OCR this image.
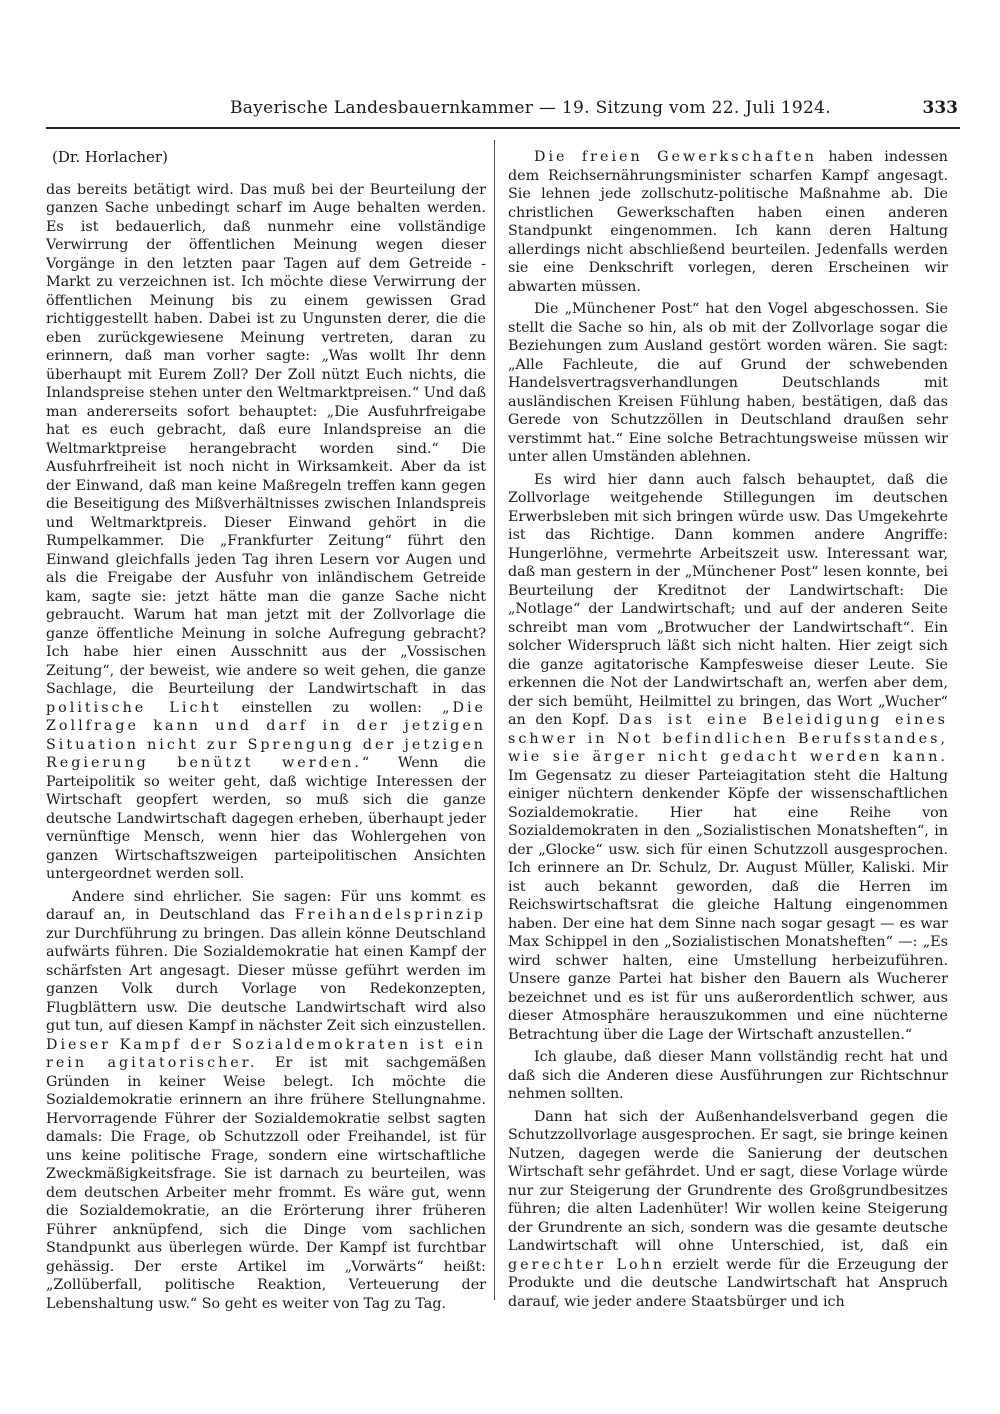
Bayerische Landesbauernkammer — 19. Sitzung vom 22. Juli 1924.	333
(Dr. Horlacher)

das bereits betätigt wird. Das muß bei der Beurteilung der ganzen Sache unbedingt scharf im Auge behalten werden. Es ist bedauerlich, daß nunmehr eine vollständige Verwirrung der öffentlichen Meinung wegen dieser Vorgänge in den letzten paar Tagen auf dem Getreide - Markt zu verzeichnen ist. Ich möchte diese Verwirrung der öffentlichen Meinung bis zu einem gewissen Grad richtiggestellt haben. Dabei ist zu Ungunsten derer, die die eben zurückgewiesene Meinung vertreten, daran zu erinnern, daß man vorher sagte: „Was wollt Ihr denn überhaupt mit Eurem Zoll? Der Zoll nützt Euch nichts, die Inlandspreise stehen unter den Weltmarktpreisen.“ Und daß man andererseits sofort behauptet: „Die Ausfuhrfreigabe hat es euch gebracht, daß eure Inlandspreise an die Weltmarktpreise herangebracht worden sind.“ Die Ausfuhrfreiheit ist noch nicht in Wirksamkeit. Aber da ist der Einwand, daß man keine Maßregeln treffen kann gegen die Beseitigung des Mißverhältnisses zwischen Inlandspreis und Weltmarktpreis. Dieser Einwand gehört in die Rumpelkammer. Die „Frankfurter Zeitung“ führt den Einwand gleichfalls jeden Tag ihren Lesern vor Augen und als die Freigabe der Ausfuhr von inländischem Getreide kam, sagte sie: jetzt hätte man die ganze Sache nicht gebraucht. Warum hat man jetzt mit der Zollvorlage die ganze öffentliche Meinung in solche Aufregung gebracht? Ich habe hier einen Ausschnitt aus der „Vossischen Zeitung“, der beweist, wie andere so weit gehen, die ganze Sachlage, die Beurteilung der Landwirtschaft in das politische Licht einstellen zu wollen: „Die Zollfrage kann und darf in der jetzigen Situation nicht zur Sprengung der jetzigen Regierung benützt werden.“ Wenn die Parteipolitik so weiter geht, daß wichtige Interessen der Wirtschaft geopfert werden, so muß sich die ganze deutsche Landwirtschaft dagegen erheben, überhaupt jeder vernünftige Mensch, wenn hier das Wohlergehen von ganzen Wirtschaftszweigen parteipolitischen Ansichten untergeordnet werden soll.

Andere sind ehrlicher. Sie sagen: Für uns kommt es darauf an, in Deutschland das Freihandelsprinzip zur Durchführung zu bringen. Das allein könne Deutschland aufwärts führen. Die Sozialdemokratie hat einen Kampf der schärfsten Art angesagt. Dieser müsse geführt werden im ganzen Volk durch Vorlage von Redekonzepten, Flugblättern usw. Die deutsche Landwirtschaft wird also gut tun, auf diesen Kampf in nächster Zeit sich einzustellen. Dieser Kampf der Sozialdemokraten ist ein rein agitatorischer. Er ist mit sachgemäßen Gründen in keiner Weise belegt. Ich möchte die Sozialdemokratie erinnern an ihre frühere Stellungnahme. Hervorragende Führer der Sozialdemokratie selbst sagten damals: Die Frage, ob Schutzzoll oder Freihandel, ist für uns keine politische Frage, sondern eine wirtschaftliche Zweckmäßigkeitsfrage. Sie ist darnach zu beurteilen, was dem deutschen Arbeiter mehr frommt. Es wäre gut, wenn die Sozialdemokratie, an die Erörterung ihrer früheren Führer anknüpfend, sich die Dinge vom sachlichen Standpunkt aus überlegen würde. Der Kampf ist furchtbar gehässig. Der erste Artikel im „Vorwärts“ heißt: „Zollüberfall, politische Reaktion, Verteuerung der Lebenshaltung usw.“ So geht es weiter von Tag zu Tag.

Die freien Gewerkschaften haben indessen dem Reichsernährungsminister scharfen Kampf angesagt. Sie lehnen jede zollschutz-politische Maßnahme ab. Die christlichen Gewerkschaften haben einen anderen Standpunkt eingenommen. Ich kann deren Haltung allerdings nicht abschließend beurteilen. Jedenfalls werden sie eine Denkschrift vorlegen, deren Erscheinen wir abwarten müssen.

Die „Münchener Post“ hat den Vogel abgeschossen. Sie stellt die Sache so hin, als ob mit der Zollvorlage sogar die Beziehungen zum Ausland gestört worden wären. Sie sagt: „Alle Fachleute, die auf Grund der schwebenden Handelsvertragsverhandlungen Deutschlands mit ausländischen Kreisen Fühlung haben, bestätigen, daß das Gerede von Schutzzöllen in Deutschland draußen sehr verstimmt hat.“ Eine solche Betrachtungsweise müssen wir unter allen Umständen ablehnen.

Es wird hier dann auch falsch behauptet, daß die Zollvorlage weitgehende Stillegungen im deutschen Erwerbsleben mit sich bringen würde usw. Das Umgekehrte ist das Richtige. Dann kommen andere Angriffe: Hungerlöhne, vermehrte Arbeitszeit usw. Interessant war, daß man gestern in der „Münchener Post“ lesen konnte, bei Beurteilung der Kreditnot der Landwirtschaft: Die „Notlage“ der Landwirtschaft; und auf der anderen Seite schreibt man vom „Brotwucher der Landwirtschaft“. Ein solcher Widerspruch läßt sich nicht halten. Hier zeigt sich die ganze agitatorische Kampfesweise dieser Leute. Sie erkennen die Not der Landwirtschaft an, werfen aber dem, der sich bemüht, Heilmittel zu bringen, das Wort „Wucher“ an den Kopf. Das ist eine Beleidigung eines schwer in Not befindlichen Berufsstandes, wie sie ärger nicht gedacht werden kann. Im Gegensatz zu dieser Parteiagitation steht die Haltung einiger nüchtern denkender Köpfe der wissenschaftlichen Sozialdemokratie. Hier hat eine Reihe von Sozialdemokraten in den „Sozialistischen Monatsheften“, in der „Glocke“ usw. sich für einen Schutzzoll ausgesprochen. Ich erinnere an Dr. Schulz, Dr. August Müller, Kaliski. Mir ist auch bekannt geworden, daß die Herren im Reichswirtschaftsrat die gleiche Haltung eingenommen haben. Der eine hat dem Sinne nach sogar gesagt — es war Max Schippel in den „Sozialistischen Monatsheften“ —: „Es wird schwer halten, eine Umstellung herbeizuführen. Unsere ganze Partei hat bisher den Bauern als Wucherer bezeichnet und es ist für uns außerordentlich schwer, aus dieser Atmosphäre herauszukommen und eine nüchterne Betrachtung über die Lage der Wirtschaft anzustellen.“

Ich glaube, daß dieser Mann vollständig recht hat und daß sich die Anderen diese Ausführungen zur Richtschnur nehmen sollten.

Dann hat sich der Außenhandelsverband gegen die Schutzzollvorlage ausgesprochen. Er sagt, sie bringe keinen Nutzen, dagegen werde die Sanierung der deutschen Wirtschaft sehr gefährdet. Und er sagt, diese Vorlage würde nur zur Steigerung der Grundrente des Großgrundbesitzes führen; die alten Ladenhüter! Wir wollen keine Steigerung der Grundrente an sich, sondern was die gesamte deutsche Landwirtschaft will ohne Unterschied, ist, daß ein gerechter Lohn erzielt werde für die Erzeugung der Produkte und die deutsche Landwirtschaft hat Anspruch darauf, wie jeder andere Staatsbürger und ich
